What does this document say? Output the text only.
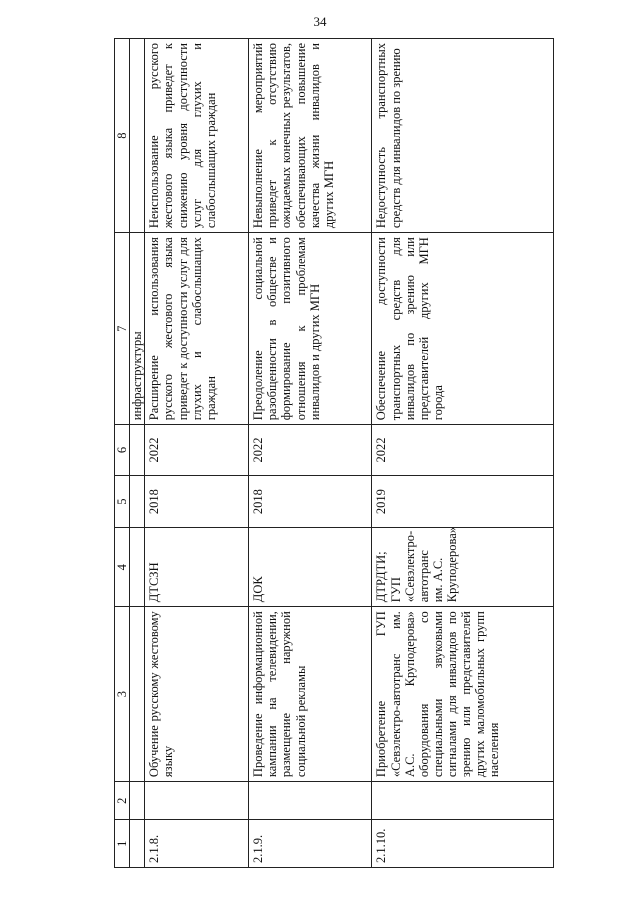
34
1	2	3	4	5	6	7	8
						инфраструктуры	
2.1.8.		Обучение русскому жестовому языку	ДТСЗН	2018	2022	Расширение использования русского жестового языка приведет к доступности услуг для глухих и слабослышащих граждан	Неиспользование русского жестового языка приведет к снижению уровня доступности услуг для глухих и слабослышащих граждан
2.1.9.		Проведение информационной кампании на телевидении, размещение наружной социальной рекламы	ДОК	2018	2022	Преодоление социальной разобщенности в обществе и формирование позитивного отношения к проблемам инвалидов и других МГН	Невыполнение мероприятий приведет к отсутствию ожидаемых конечных результатов, обеспечивающих повышение качества жизни инвалидов и других МГН
2.1.10.		Приобретение ГУП «Севэлектро-автотранс им. А.С. Круподерова» оборудования со специальными звуковыми сигналами для инвалидов по зрению или представителей других маломобильных групп населения	ДТРДТИ; ГУП «Севэлектро-автотранс им. А.С. Круподерова»	2019	2022	Обеспечение доступности транспортных средств для инвалидов по зрению или представителей других МГН города	Недоступность транспортных средств для инвалидов по зрению
